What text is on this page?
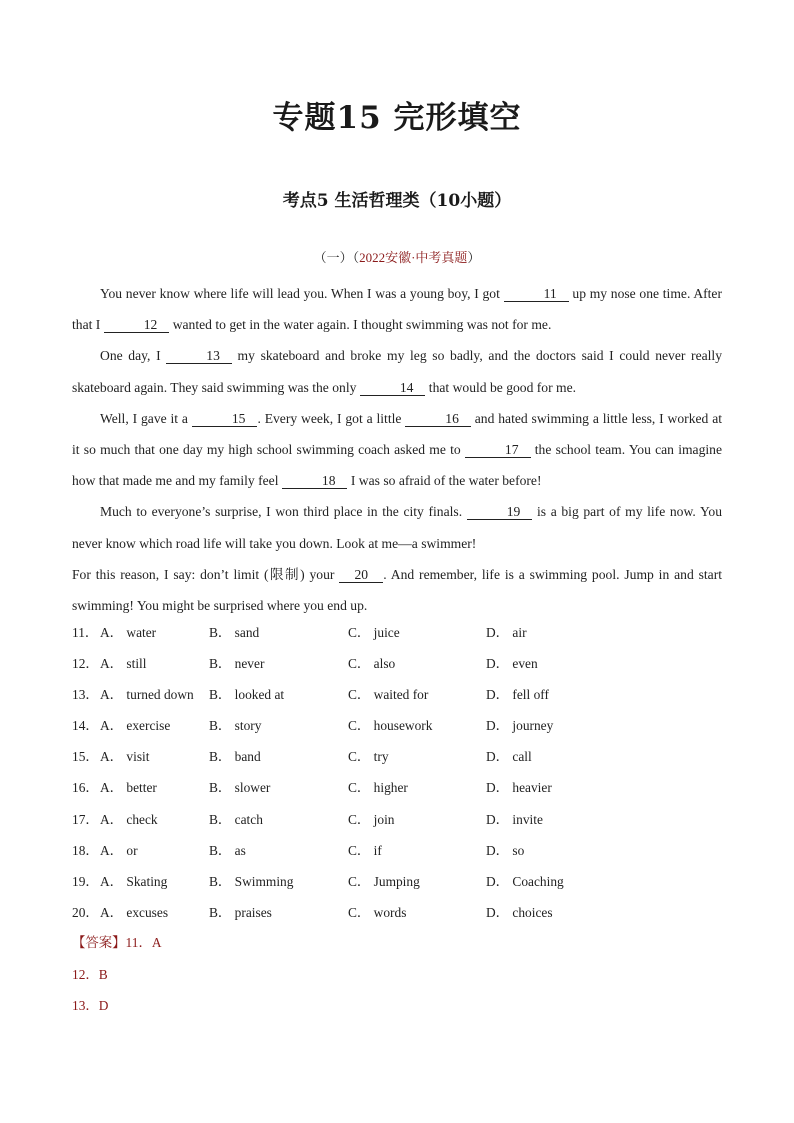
专题15 完形填空
考点5 生活哲理类（10小题）
（一）（2022安徽·中考真题）

You never know where life will lead you. When I was a young boy, I got	11 up my nose one time. After that I	12 wanted to get in the water again. I thought swimming was not for me.

One day, I	13 my skateboard and broke my leg so badly, and the doctors said I could never really skateboard again. They said swimming was the only	14 that would be good for me.

Well, I gave it a	15 . Every week, I got a little	16 and hated swimming a little less, I worked at it so much that one day my high school swimming coach asked me to	17 the school team. You can imagine how that made me and my family feel	18 I was so afraid of the water before!

Much to everyone’s surprise, I won third place in the city finals.	19 is a big part of my life now. You never know which road life will take you down. Look at me—a swimmer!

For this reason, I say: don’t limit (限制) your 20 . And remember, life is a swimming pool. Jump in and start swimming! You might be surprised where you end up.

11． A． water	B． sand	C． juice	D． air
12． A． still	B． never	C． also	D． even
13． A． turned down B． looked at	C． waited for	D． fell off
14． A． exercise	B． story	C． housework	D． journey
15． A． visit	B． band	C． try	D． call
16． A． better	B． slower	C． higher	D． heavier
17． A． check	B． catch	C． join	D． invite
18． A． or	B． as	C． if	D． so
19． A． Skating	B． Swimming	C． Jumping	D． Coaching
20． A． excuses	B． praises	C． words	D． choices
【答案】11．A
12．B
13．D
